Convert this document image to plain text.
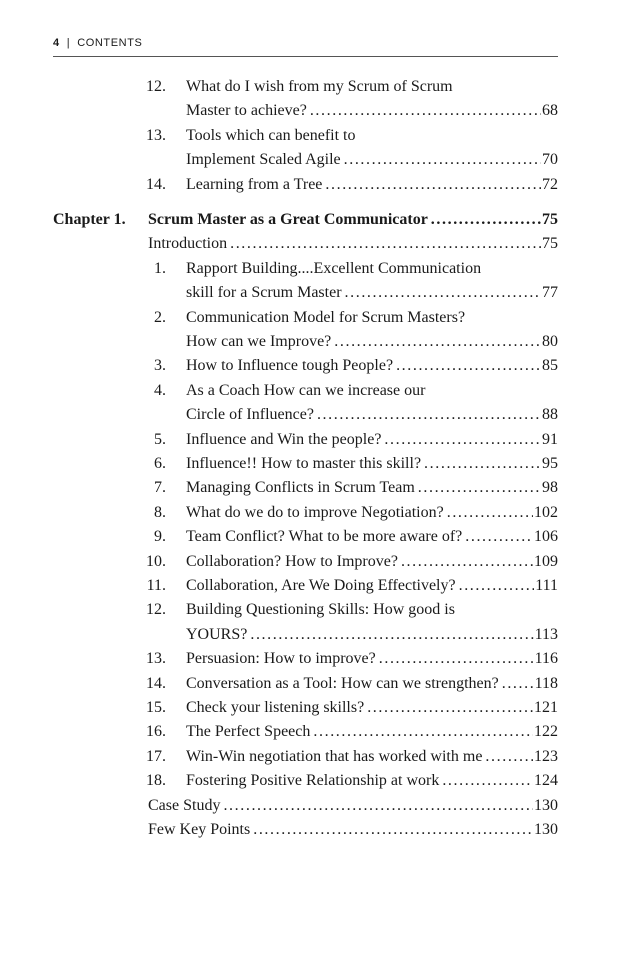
4 | CONTENTS
12. What do I wish from my Scrum of Scrum
Master to achieve? .....	68
13. Tools which can benefit to
Implement Scaled Agile .....	70
14. Learning from a Tree .....	72
Chapter 1. Scrum Master as a Great Communicator .....	75
Introduction .....	75
1. Rapport Building....Excellent Communication
skill for a Scrum Master .....	77
2. Communication Model for Scrum Masters?
How can we Improve? .....	80
3. How to Influence tough People? .....	85
4. As a Coach How can we increase our
Circle of Influence? .....	88
5. Influence and Win the people? .....	91
6. Influence!! How to master this skill? .....	95
7. Managing Conflicts in Scrum Team .....	98
8. What do we do to improve Negotiation? .....	102
9. Team Conflict? What to be more aware of? .....	106
10. Collaboration? How to Improve? .....	109
11. Collaboration, Are We Doing Effectively? .....	111
12. Building Questioning Skills: How good is
YOURS? .....	113
13. Persuasion: How to improve? .....	116
14. Conversation as a Tool: How can we strengthen? ..... 118
15. Check your listening skills? .....	121
16. The Perfect Speech .....	122
17. Win-Win negotiation that has worked with me .....	123
18. Fostering Positive Relationship at work .....	124
Case Study .....	130
Few Key Points .....	130
